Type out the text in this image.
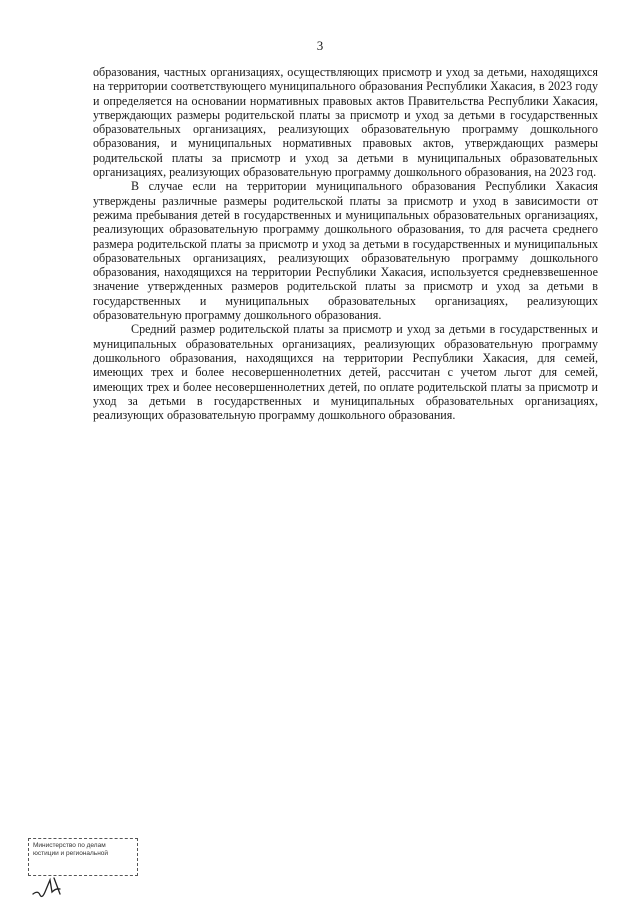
3

образования, частных организациях, осуществляющих присмотр и уход за детьми, находящихся на территории соответствующего муниципального образования Республики Хакасия, в 2023 году и определяется на основании нормативных правовых актов Правительства Республики Хакасия, утверждающих размеры родительской платы за присмотр и уход за детьми в государственных образовательных организациях, реализующих образовательную программу дошкольного образования, и муниципальных нормативных правовых актов, утверждающих размеры родительской платы за присмотр и уход за детьми в муниципальных образовательных организациях, реализующих образовательную программу дошкольного образования, на 2023 год.

В случае если на территории муниципального образования Республики Хакасия утверждены различные размеры родительской платы за присмотр и уход в зависимости от режима пребывания детей в государственных и муниципальных образовательных организациях, реализующих образовательную программу дошкольного образования, то для расчета среднего размера родительской платы за присмотр и уход за детьми в государственных и муниципальных образовательных организациях, реализующих образовательную программу дошкольного образования, находящихся на территории Республики Хакасия, используется средневзвешенное значение утвержденных размеров родительской платы за присмотр и уход за детьми в государственных и муниципальных образовательных организациях, реализующих образовательную программу дошкольного образования.

Средний размер родительской платы за присмотр и уход за детьми в государственных и муниципальных образовательных организациях, реализующих образовательную программу дошкольного образования, находящихся на территории Республики Хакасия, для семей, имеющих трех и более несовершеннолетних детей, рассчитан с учетом льгот для семей, имеющих трех и более несовершеннолетних детей, по оплате родительской платы за присмотр и уход за детьми в государственных и муниципальных образовательных организациях, реализующих образовательную программу дошкольного образования.

Министерство по делам
юстиции и региональной
